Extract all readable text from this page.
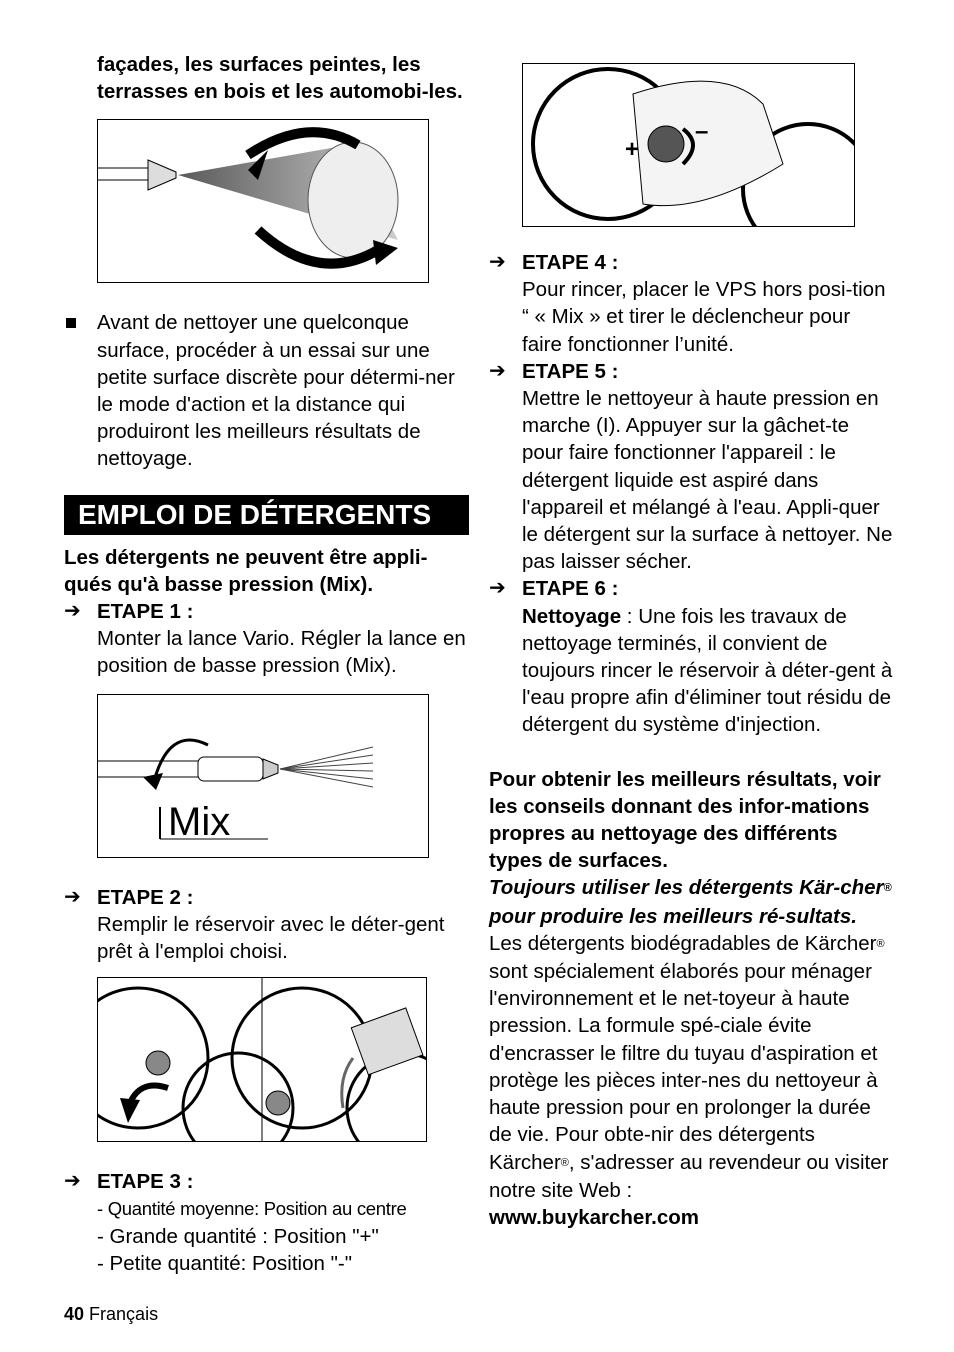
façades, les surfaces peintes, les terrasses en bois et les automobi-les.

Avant de nettoyer une quelconque surface, procéder à un essai sur une petite surface discrète pour détermi-ner le mode d'action et la distance qui produiront les meilleurs résultats de nettoyage.

EMPLOI DE DÉTERGENTS

Les détergents ne peuvent être appli-qués qu'à basse pression (Mix).

➔ ETAPE 1 :

Monter la lance Vario. Régler la lance en position de basse pression (Mix).

Mix
➔ ETAPE 2 :

Remplir le réservoir avec le déter-gent prêt à l'emploi choisi.

➔ ETAPE 3 :

- Quantité moyenne: Position au centre

- Grande quantité : Position "+"

- Petite quantité: Position "-"

+
–
➔ ETAPE 4 :

Pour rincer, placer le VPS hors posi-tion “ « Mix » et tirer le déclencheur pour faire fonctionner l’unité.

➔ ETAPE 5 :

Mettre le nettoyeur à haute pression en marche (I). Appuyer sur la gâchet-te pour faire fonctionner l'appareil : le détergent liquide est aspiré dans l'appareil et mélangé à l'eau. Appli-quer le détergent sur la surface à nettoyer. Ne pas laisser sécher.

➔ ETAPE 6 :

Nettoyage : Une fois les travaux de nettoyage terminés, il convient de toujours rincer le réservoir à déter-gent à l'eau propre afin d'éliminer tout résidu de détergent du système d'injection.

Pour obtenir les meilleurs résultats, voir les conseils donnant des infor-mations propres au nettoyage des différents types de surfaces.

Toujours utiliser les détergents Kär-cher® pour produire les meilleurs ré-sultats.

Les détergents biodégradables de Kärcher® sont spécialement élaborés pour ménager l'environnement et le net-toyeur à haute pression. La formule spé-ciale évite d'encrasser le filtre du tuyau d'aspiration et protège les pièces inter-nes du nettoyeur à haute pression pour en prolonger la durée de vie. Pour obte-nir des détergents Kärcher®, s'adresser au revendeur ou visiter notre site Web :

www.buykarcher.com

40 Français
